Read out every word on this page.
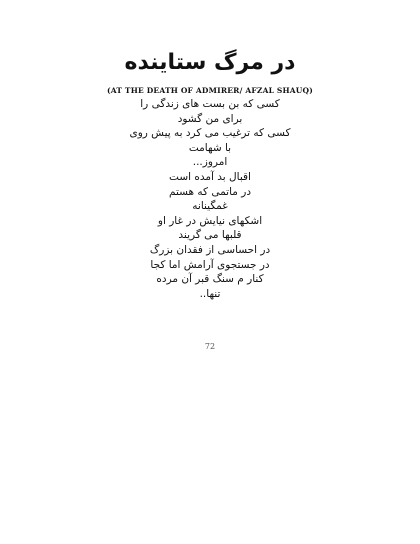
در مرگ ستاینده
(AT THE DEATH OF ADMIRER/ AFZAL SHAUQ)
کسی که بن بست های زندگی را
برای من گشود
کسی که ترغیب می کرد به پیش روی
با شهامت
امروز...
اقبال بد آمده است
در ماتمی که هستم
غمگینانه
اشکهای نیایش در غار او
قلبها می گریند
در احساسی از فقدان بزرگ
در جستجوی آرامش اما کجا
کنار م سنگ قبر آن مرده
تنها..
72
